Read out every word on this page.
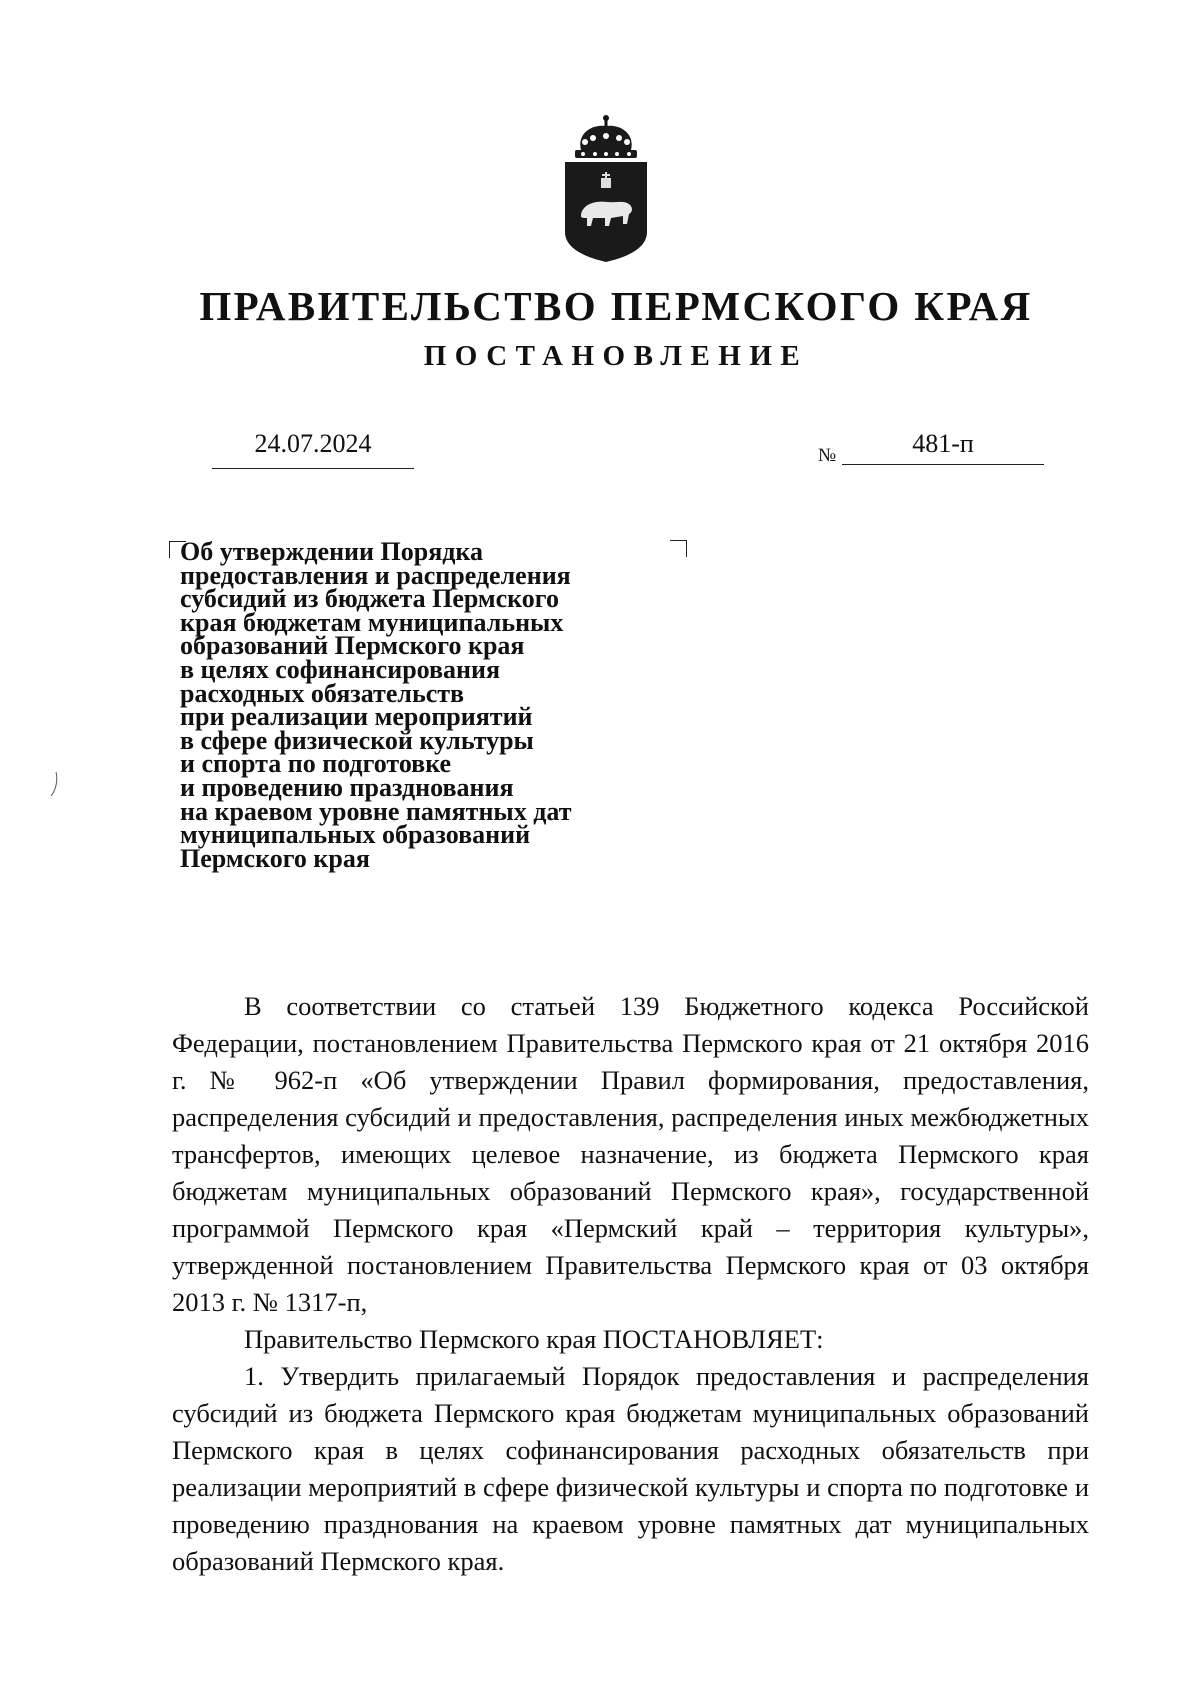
ПРАВИТЕЛЬСТВО ПЕРМСКОГО КРАЯ
ПОСТАНОВЛЕНИЕ
24.07.2024	№	481-п
Об утверждении Порядка
предоставления и распределения
субсидий из бюджета Пермского
края бюджетам муниципальных
образований Пермского края
в целях софинансирования
расходных обязательств
при реализации мероприятий
в сфере физической культуры
и спорта по подготовке
и проведению празднования
на краевом уровне памятных дат
муниципальных образований
Пермского края

В соответствии со статьей 139 Бюджетного кодекса Российской Федерации, постановлением Правительства Пермского края от 21 октября 2016 г. № 962-п «Об утверждении Правил формирования, предоставления, распределения субсидий и предоставления, распределения иных межбюджетных трансфертов, имеющих целевое назначение, из бюджета Пермского края бюджетам муниципальных образований Пермского края», государственной программой Пермского края «Пермский край – территория культуры», утвержденной постановлением Правительства Пермского края от 03 октября 2013 г. № 1317-п,

Правительство Пермского края ПОСТАНОВЛЯЕТ:

1. Утвердить прилагаемый Порядок предоставления и распределения субсидий из бюджета Пермского края бюджетам муниципальных образований Пермского края в целях софинансирования расходных обязательств при реализации мероприятий в сфере физической культуры и спорта по подготовке и проведению празднования на краевом уровне памятных дат муниципальных образований Пермского края.
